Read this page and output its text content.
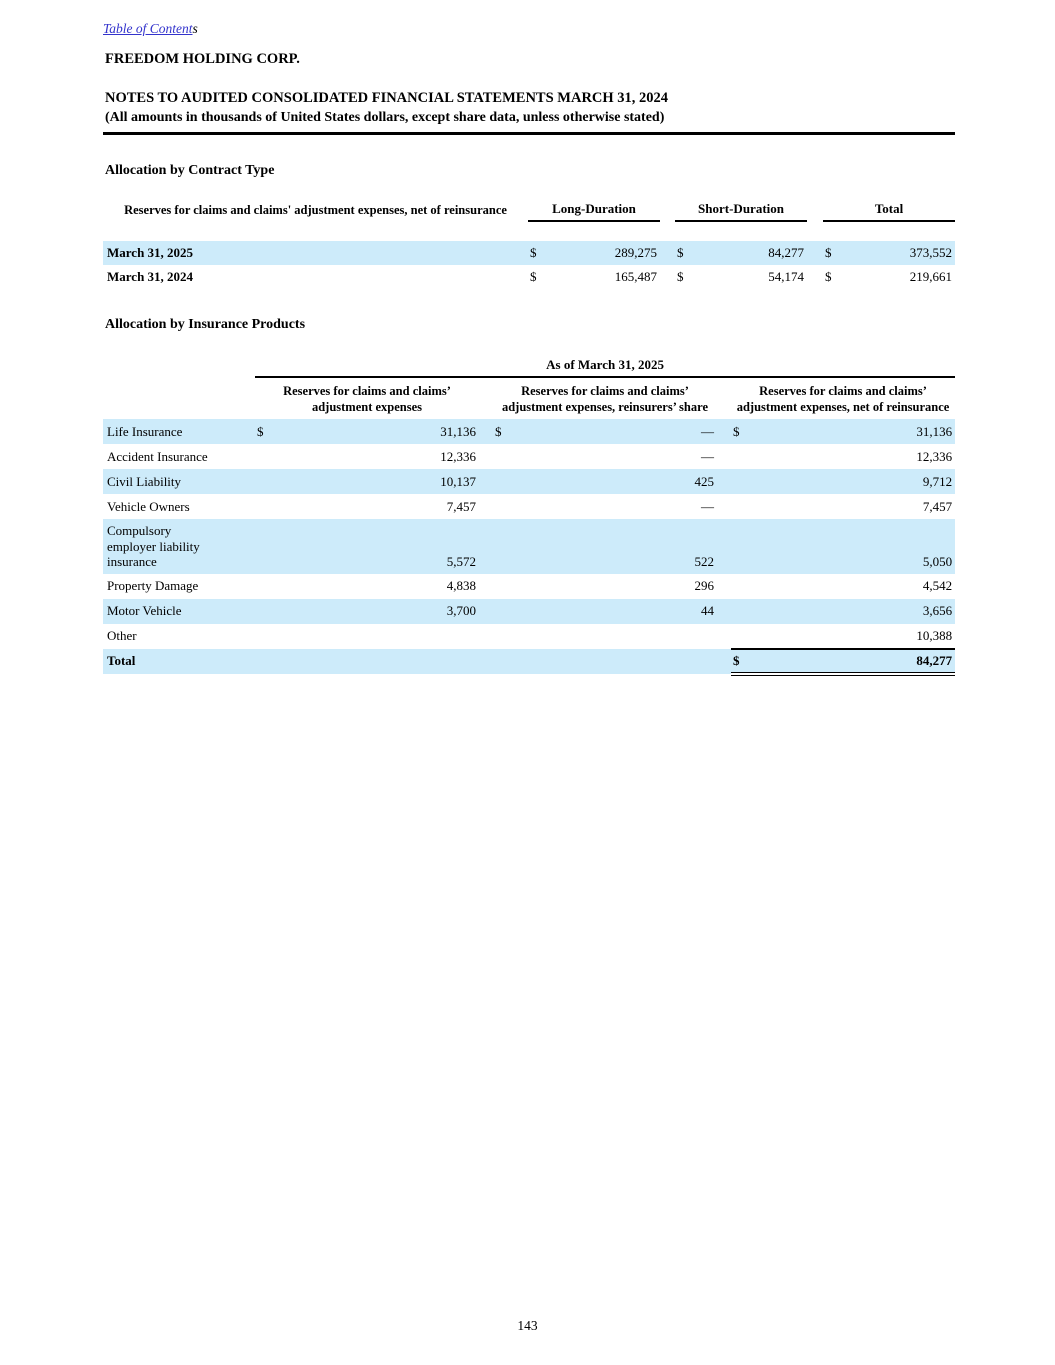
Table of Contents

FREEDOM HOLDING CORP.

NOTES TO AUDITED CONSOLIDATED FINANCIAL STATEMENTS MARCH 31, 2024

(All amounts in thousands of United States dollars, except share data, unless otherwise stated)

Allocation by Contract Type
Reserves for claims and claims' adjustment expenses, net of reinsurance	Long-Duration			Short-Duration			Total	

March 31, 2025	$	289,275		$	84,277		$	373,552
March 31, 2024	$	165,487		$	54,174		$	219,661
Allocation by Insurance Products
	As of March 31, 2025							
	Reserves for claims and claims’ adjustment expenses			Reserves for claims and claims’ adjustment expenses, reinsurers’ share			Reserves for claims and claims’ adjustment expenses, net of reinsurance	
Life Insurance	$	31,136		$	—		$	31,136
Accident Insurance		12,336			—			12,336
Civil Liability		10,137			425			9,712
Vehicle Owners		7,457			—			7,457

Compulsory
employer liability
insurance		5,572			522			5,050
Property Damage		4,838			296			4,542
Motor Vehicle		3,700			44			3,656
Other								10,388
Total							$	84,277
143
